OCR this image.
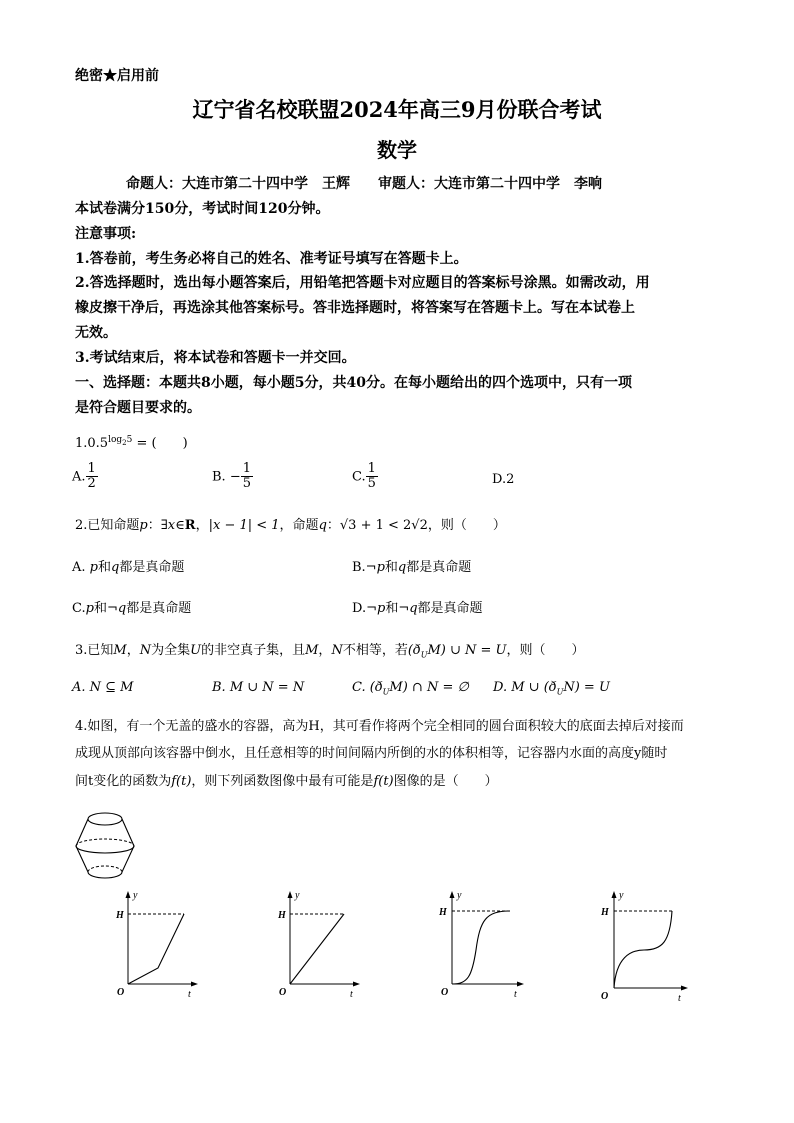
绝密★启用前
辽宁省名校联盟2024年高三9月份联合考试
数学
命题人：大连市第二十四中学　王辉　　审题人：大连市第二十四中学　李响
本试卷满分150分，考试时间120分钟。
注意事项:
1.答卷前，考生务必将自己的姓名、准考证号填写在答题卡上。
2.答选择题时，选出每小题答案后，用铅笔把答题卡对应题目的答案标号涂黑。如需改动，用
橡皮擦干净后，再选涂其他答案标号。答非选择题时，将答案写在答题卡上。写在本试卷上
无效。
3.考试结束后，将本试卷和答题卡一并交回。
一、选择题：本题共8小题，每小题5分，共40分。在每小题给出的四个选项中，只有一项
是符合题目要求的。
$1.0.5^{log_25}$ = (　　)
A. $\frac{1}{2}$	B. − $\frac{1}{5}$	C. $\frac{1}{5}$	D.2
2.已知命题p：∃x∈R，|x − 1| < 1，命题q：√3 + 1 < 2√2，则（　　）
A. p和q都是真命题	B.¬p和q都是真命题
C.p和¬q都是真命题	D.¬p和¬q都是真命题
3.已知M，N为全集U的非空真子集，且M，N不相等，若$(ð_UM)$ ∪ N = U，则（　　）
A. N ⊆ M	B. M ∪ N = N	C. $(ð_UM)$ ∩ N = ∅ D. M ∪ $(ð_UN) = U$
4.如图，有一个无盖的盛水的容器，高为H，其可看作将两个完全相同的圆台面积较大的底面去掉后对接而
成现从顶部向该容器中倒水，且任意相等的时间间隔内所倒的水的体积相等，记容器内水面的高度y随时
间t变化的函数为f(t)，则下列函数图像中最有可能是f(t)图像的是（　　）
y
H
O	t
y
H
O	t
y
H
O	t
y
H
O	t
